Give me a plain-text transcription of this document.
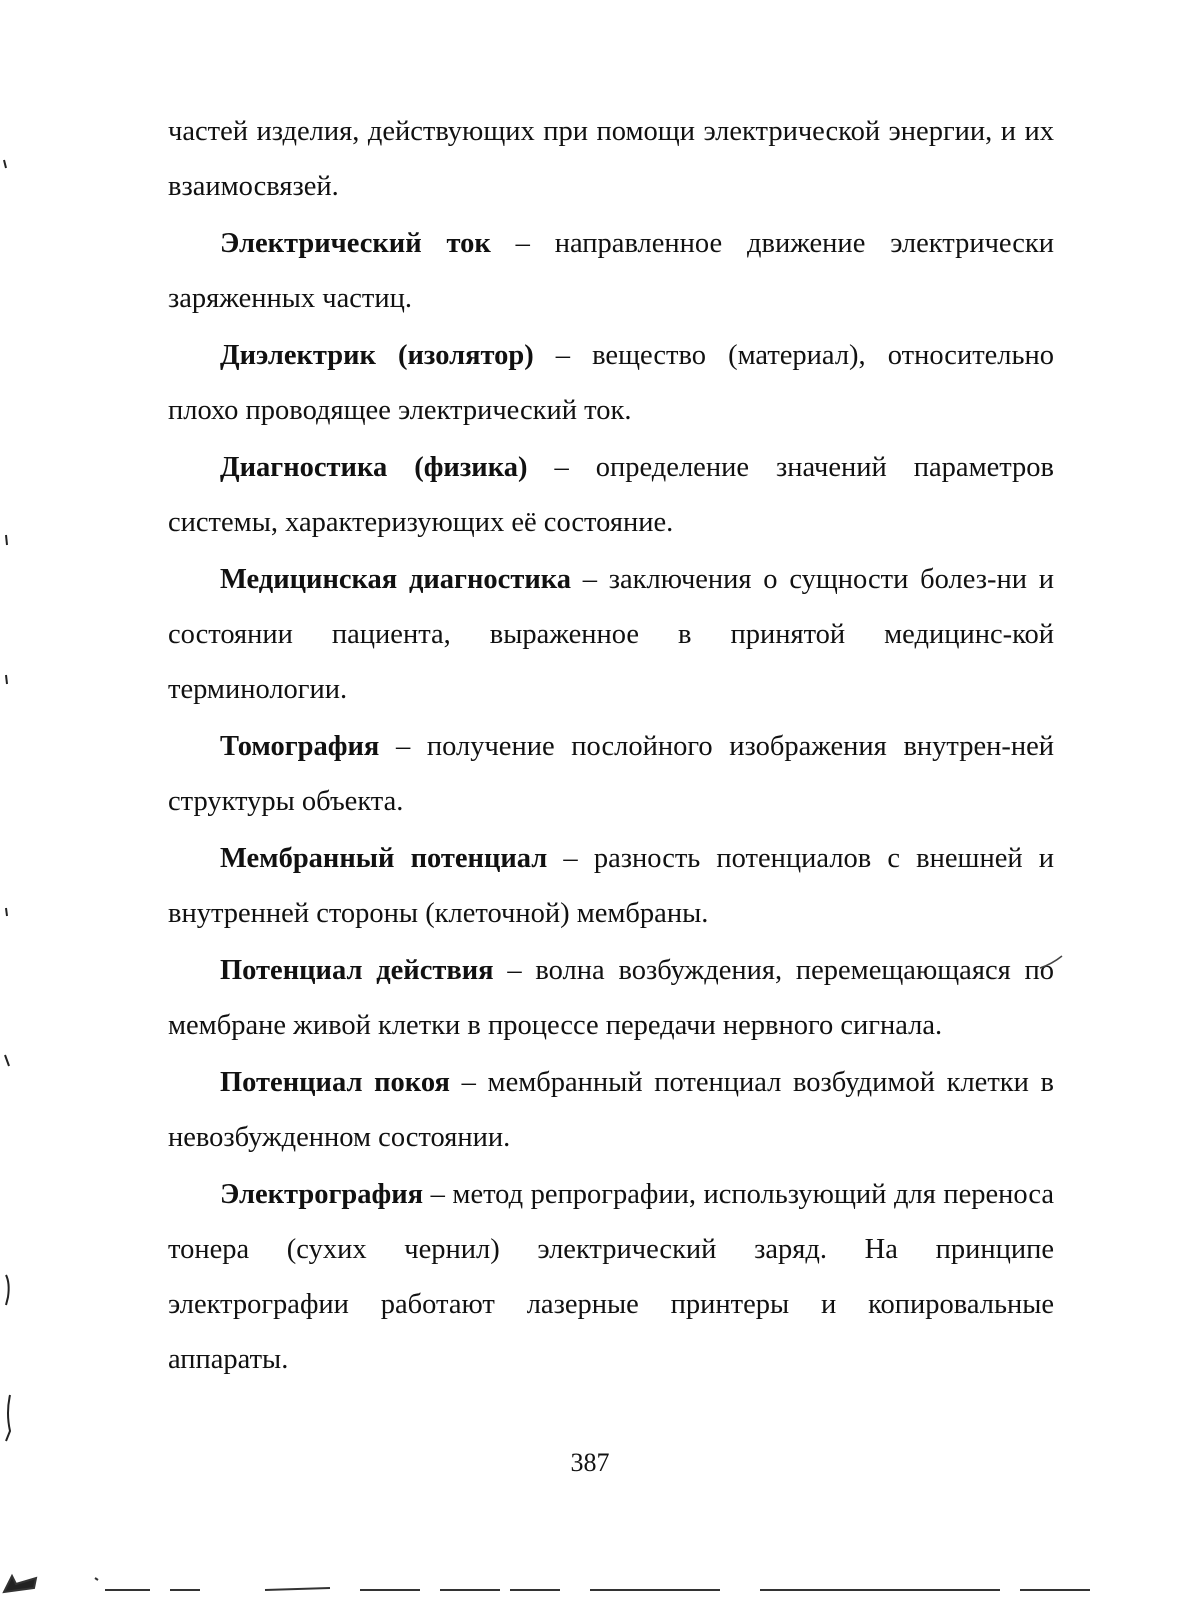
частей изделия, действующих при помощи электрической энергии, и их взаимосвязей.

Электрический ток – направленное движение электрически заряженных частиц.

Диэлектрик (изолятор) – вещество (материал), относительно плохо проводящее электрический ток.

Диагностика (физика) – определение значений параметров системы, характеризующих её состояние.

Медицинская диагностика – заключения о сущности болез-ни и состоянии пациента, выраженное в принятой медицинс-кой терминологии.

Томография – получение послойного изображения внутрен-ней структуры объекта.

Мембранный потенциал – разность потенциалов с внешней и внутренней стороны (клеточной) мембраны.

Потенциал действия – волна возбуждения, перемещающаяся по мембране живой клетки в процессе передачи нервного сигнала.

Потенциал покоя – мембранный потенциал возбудимой клетки в невозбужденном состоянии.

Электрография – метод репрографии, использующий для переноса тонера (сухих чернил) электрический заряд. На принципе электрографии работают лазерные принтеры и копировальные аппараты.

387
